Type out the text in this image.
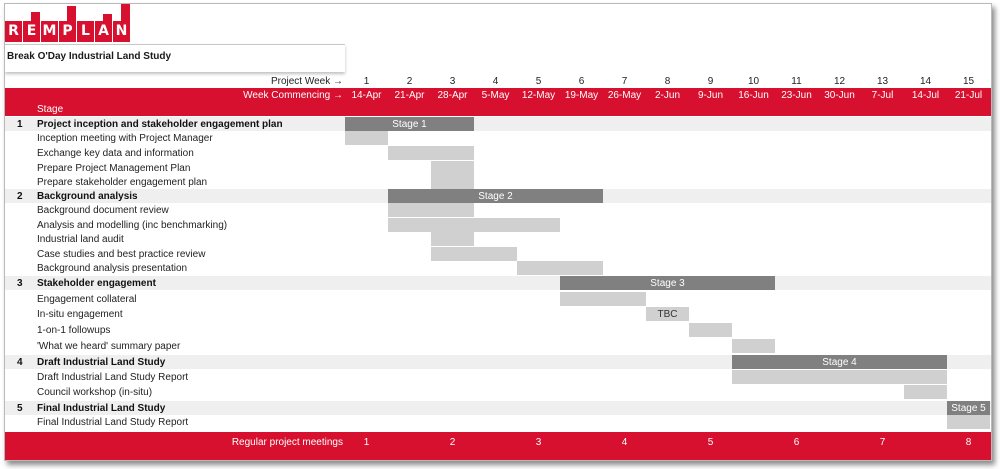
R E M P L A N
Break O'Day Industrial Land Study
Project Week →	1	2	3	4	5	6	7	8	9	10	11	12	13	14	15
Week Commencing → 14-Apr	21-Apr	28-Apr	5-May	12-May 19-May 26-May	2-Jun	9-Jun	16-Jun	23-Jun	30-Jun	7-Jul	14-Jul	21-Jul
Stage
1 Project inception and stakeholder engagement plan	Stage 1
Inception meeting with Project Manager
Exchange key data and information
Prepare Project Management Plan
Prepare stakeholder engagement plan
2 Background analysis	Stage 2
Background document review
Analysis and modelling (inc benchmarking)
Industrial land audit
Case studies and best practice review
Background analysis presentation
3 Stakeholder engagement	Stage 3
Engagement collateral
In-situ engagement	TBC
1-on-1 followups
'What we heard' summary paper
4 Draft Industrial Land Study	Stage 4
Draft Industrial Land Study Report
Council workshop (in-situ)
5 Final Industrial Land Study	Stage 5
Final Industrial Land Study Report
Regular project meetings	1	2	3	4	5	6	7	8
